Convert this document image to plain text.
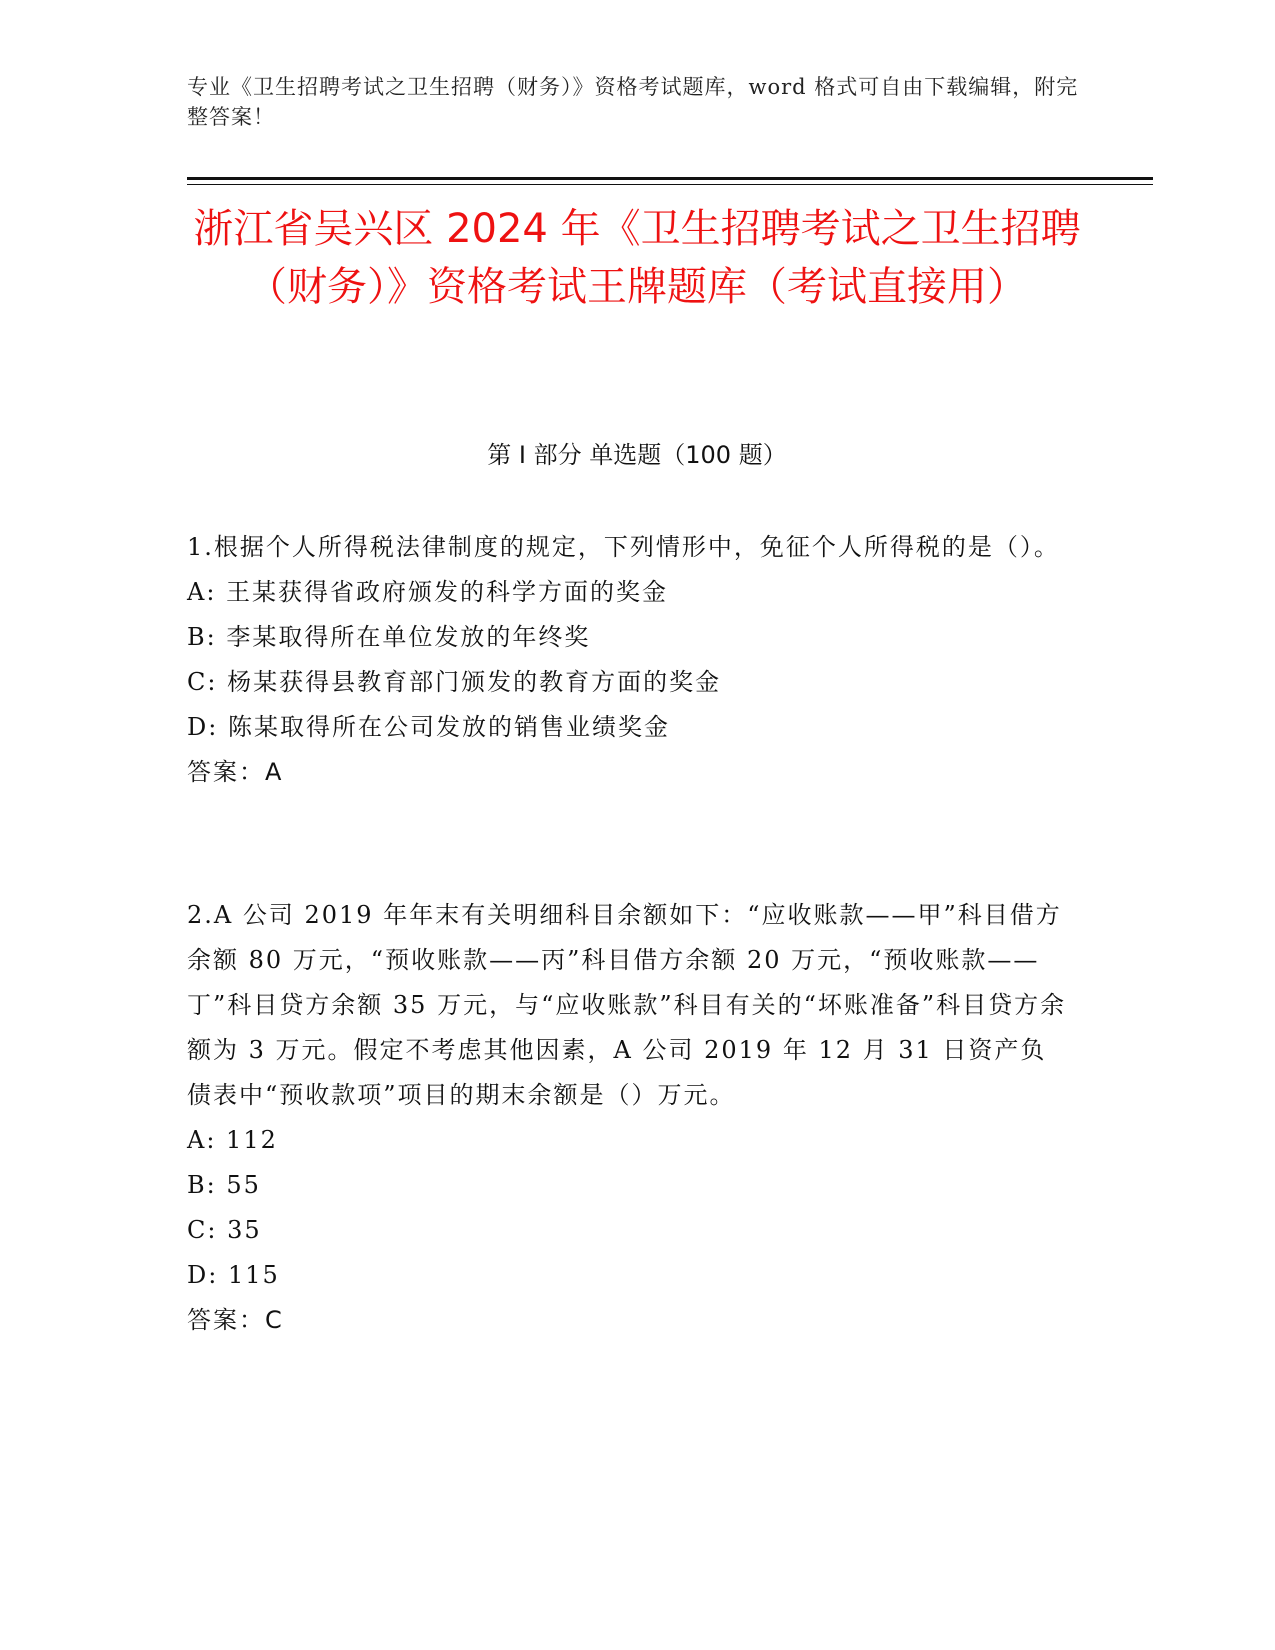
专业《卫生招聘考试之卫生招聘（财务）》资格考试题库，word 格式可自由下载编辑，附完整答案！
浙江省吴兴区 2024 年《卫生招聘考试之卫生招聘（财务）》资格考试王牌题库（考试直接用）
第 I 部分 单选题（100 题）

1.根据个人所得税法律制度的规定，下列情形中，免征个人所得税的是（）。

A: 王某获得省政府颁发的科学方面的奖金

B: 李某取得所在单位发放的年终奖

C: 杨某获得县教育部门颁发的教育方面的奖金

D: 陈某取得所在公司发放的销售业绩奖金

答案：A

2.A 公司 2019 年年末有关明细科目余额如下：“应收账款——甲”科目借方余额 80 万元，“预收账款——丙”科目借方余额 20 万元，“预收账款——丁”科目贷方余额 35 万元，与“应收账款”科目有关的“坏账准备”科目贷方余额为 3 万元。假定不考虑其他因素，A 公司 2019 年 12 月 31 日资产负债表中“预收款项”项目的期末余额是（）万元。

A: 112

B: 55

C: 35

D: 115

答案：C
